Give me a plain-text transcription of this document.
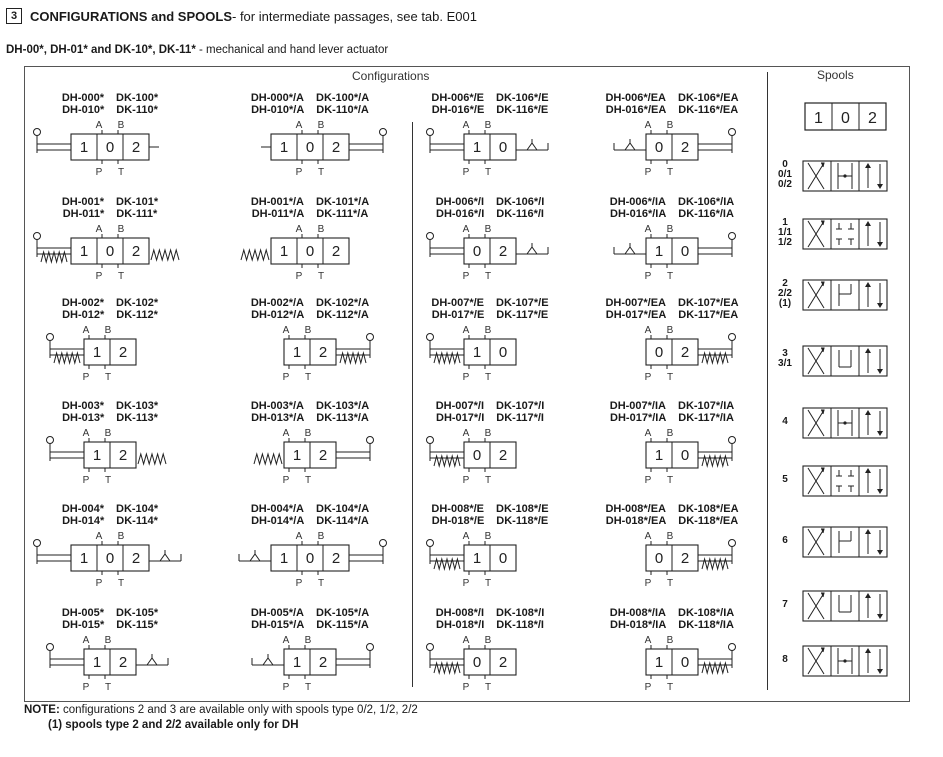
3 CONFIGURATIONS and SPOOLS - for intermediate passages, see tab. E001
DH-00*, DH-01* and DK-10*, DK-11* - mechanical and hand lever actuator
Configurations	Spools
DH-000* DK-100*
DH-010* DK-110*
1 0 2
A B
P T
DH-000*/A DK-100*/A
DH-010*/A DK-110*/A
1 0 2
A B
P T
DH-006*/E DK-106*/E
DH-016*/E DK-116*/E
1 0
A B
P T
DH-006*/EA DK-106*/EA
DH-016*/EA DK-116*/EA
0 2
A B
P T
DH-001* DK-101*
DH-011* DK-111*
1 0 2
A B
P T
DH-001*/A DK-101*/A
DH-011*/A DK-111*/A
1 0 2
A B
P T
DH-006*/I DK-106*/I
DH-016*/I DK-116*/I
0 2
A B
P T
DH-006*/IA DK-106*/IA
DH-016*/IA DK-116*/IA
1 0
A B
P T
DH-002* DK-102*
DH-012* DK-112*
1 2
A B
P T
DH-002*/A DK-102*/A
DH-012*/A DK-112*/A
1 2
A B
P T
DH-007*/E DK-107*/E
DH-017*/E DK-117*/E
1 0
A B
P T
DH-007*/EA DK-107*/EA
DH-017*/EA DK-117*/EA
0 2
A B
P T
DH-003* DK-103*
DH-013* DK-113*
1 2
A B
P T
DH-003*/A DK-103*/A
DH-013*/A DK-113*/A
1 2
A B
P T
DH-007*/I DK-107*/I
DH-017*/I DK-117*/I
0 2
A B
P T
DH-007*/IA DK-107*/IA
DH-017*/IA DK-117*/IA
1 0
A B
P T
DH-004* DK-104*
DH-014* DK-114*
1 0 2
A B
P T
DH-004*/A DK-104*/A
DH-014*/A DK-114*/A
1 0 2
A B
P T
DH-008*/E DK-108*/E
DH-018*/E DK-118*/E
1 0
A B
P T
DH-008*/EA DK-108*/EA
DH-018*/EA DK-118*/EA
0 2
A B
P T
DH-005* DK-105*
DH-015* DK-115*
1 2
A B
P T
DH-005*/A DK-105*/A
DH-015*/A DK-115*/A
1 2
A B
P T
DH-008*/I DK-108*/I
DH-018*/I DK-118*/I
0 2
A B
P T
DH-008*/IA DK-108*/IA
DH-018*/IA DK-118*/IA
1 0
A B
P T
1 0 2
0
0/1
0/2
1
1/1
1/2
2
2/2
(1)
3
3/1
4
5
6
7
8
NOTE: configurations 2 and 3 are available only with spools type 0/2, 1/2, 2/2
(1) spools type 2 and 2/2 available only for DH
